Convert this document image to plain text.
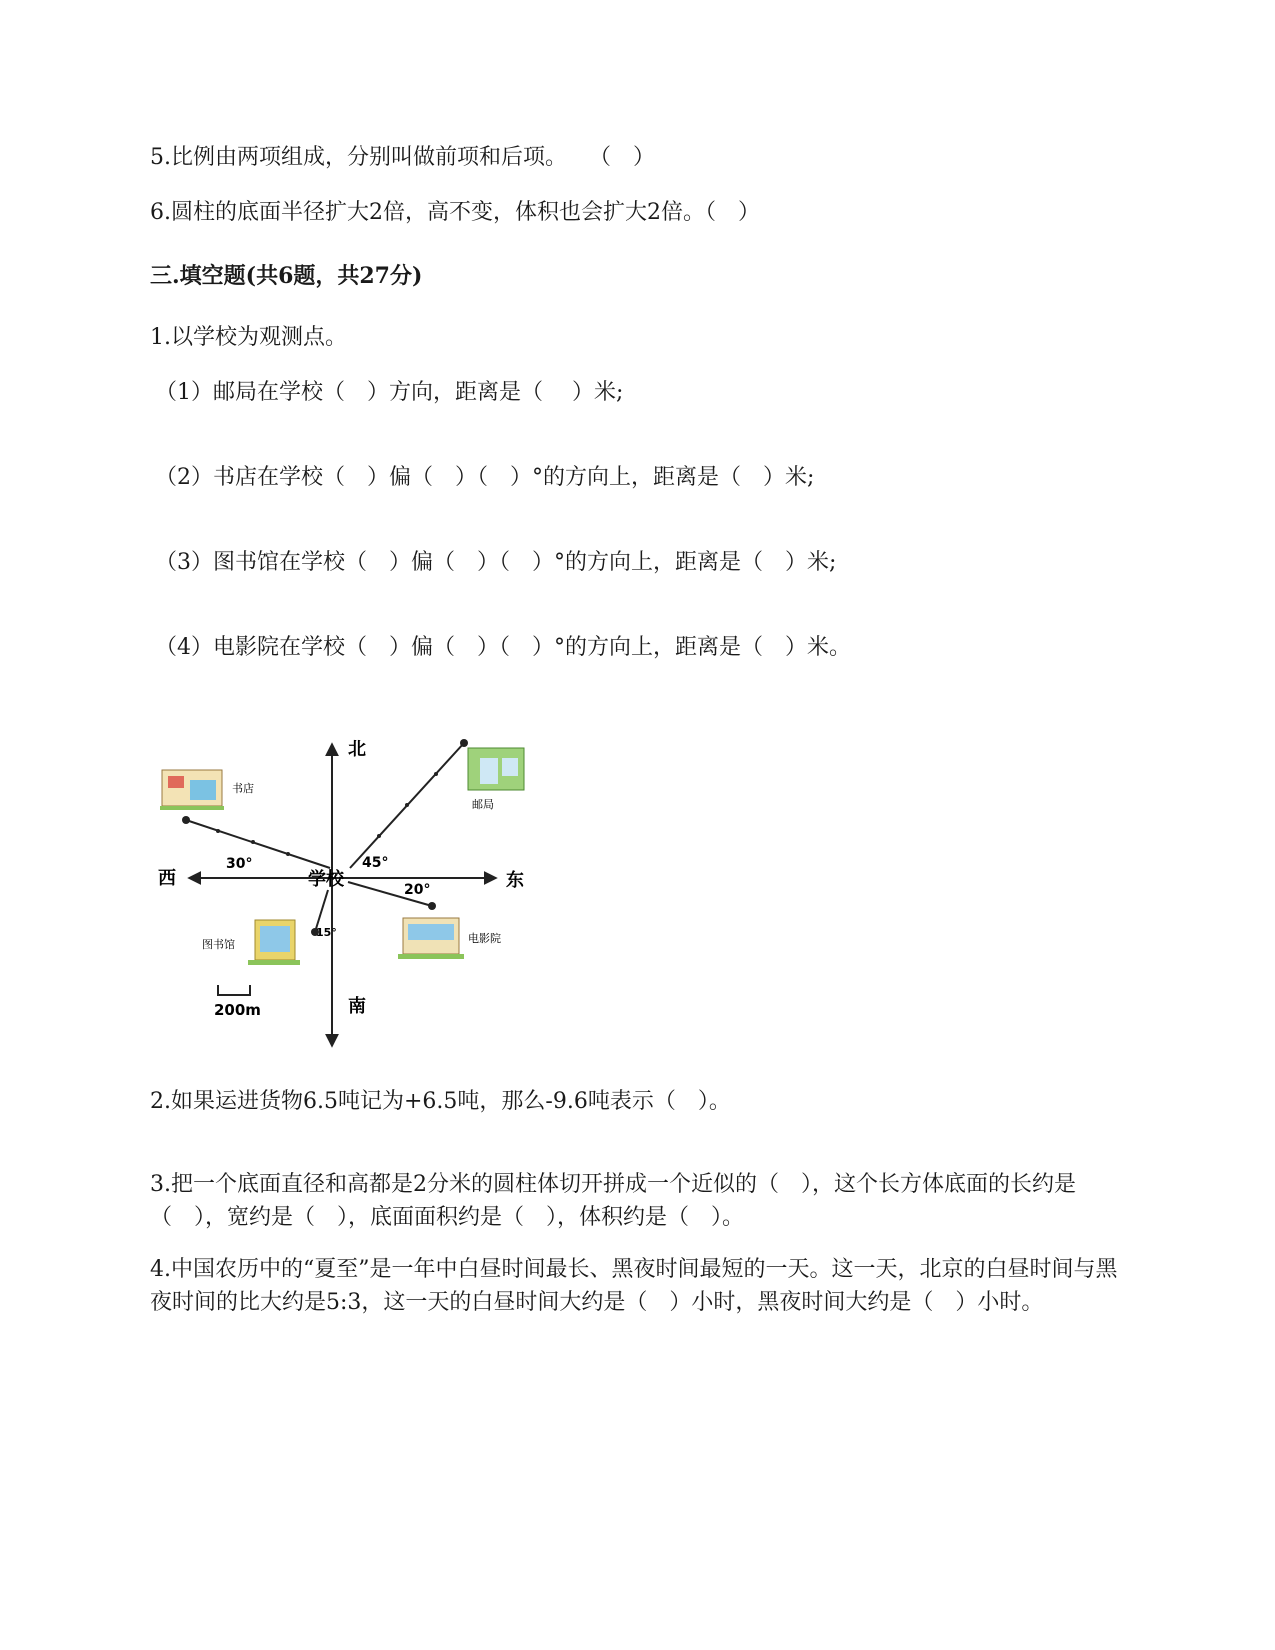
5.比例由两项组成，分别叫做前项和后项。　　（　）
6.圆柱的底面半径扩大2倍，高不变，体积也会扩大2倍。（　）
三.填空题(共6题，共27分)
1.以学校为观测点。
（1）邮局在学校（　）方向，距离是（　 ）米;
（2）书店在学校（　）偏（　）（　）°的方向上，距离是（　）米;
（3）图书馆在学校（　）偏（　）（　）°的方向上，距离是（　）米;
（4）电影院在学校（　）偏（　）（　）°的方向上，距离是（　）米。
北
南
东
西	学校
书店
邮局
图书馆	电影院
30°	45°
20°
15°
200m
2.如果运进货物6.5吨记为+6.5吨，那么-9.6吨表示（　）。
3.把一个底面直径和高都是2分米的圆柱体切开拼成一个近似的（　），这个长方体底面的长约是（　），宽约是（　），底面面积约是（　），体积约是（　）。
4.中国农历中的“夏至”是一年中白昼时间最长、黑夜时间最短的一天。这一天，北京的白昼时间与黑夜时间的比大约是5:3，这一天的白昼时间大约是（　）小时，黑夜时间大约是（　）小时。
